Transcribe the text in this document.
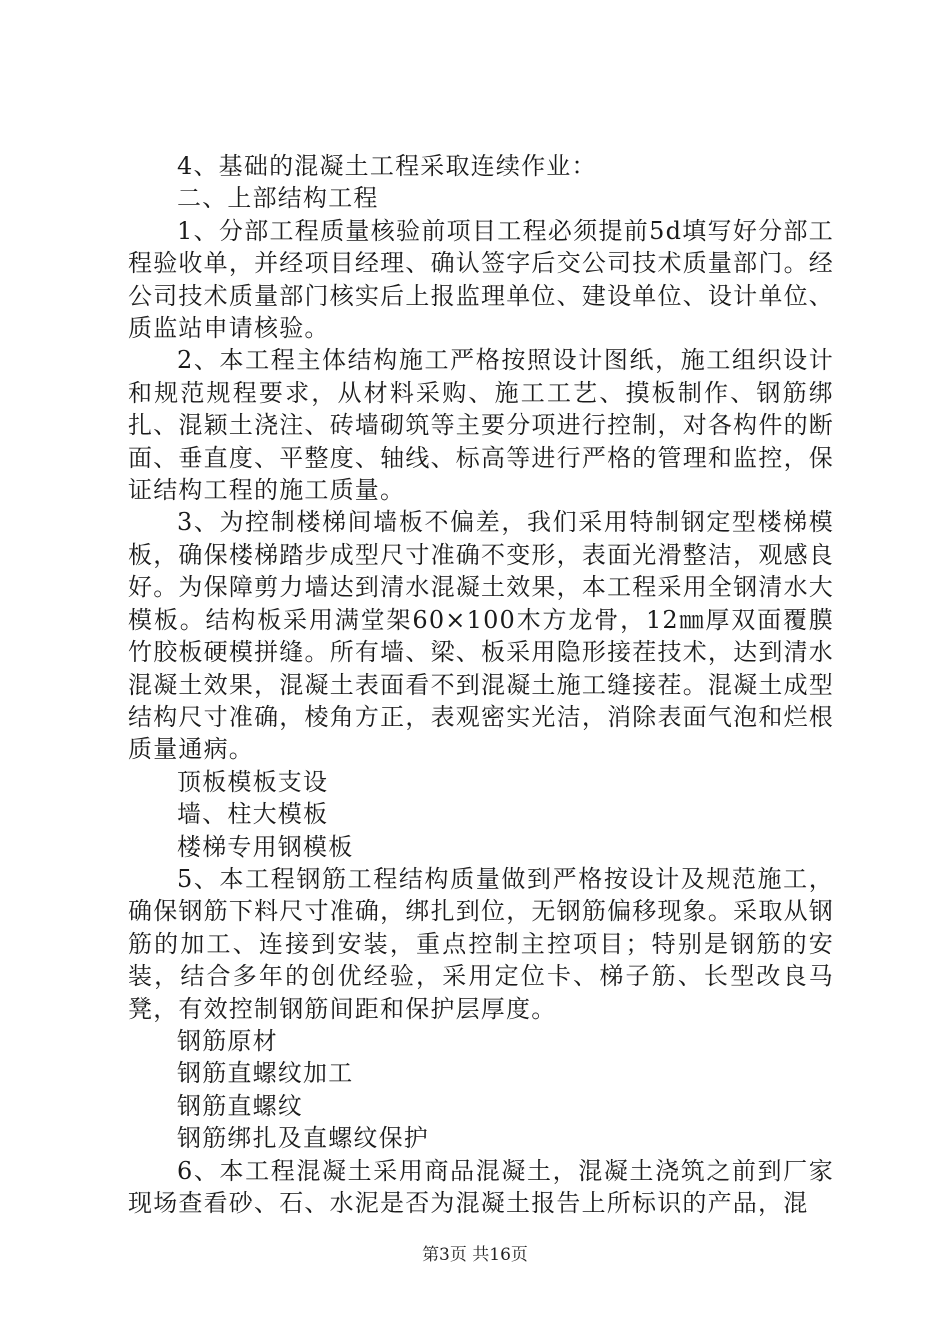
4、基础的混凝土工程采取连续作业：

二、上部结构工程

1、分部工程质量核验前项目工程必须提前5d填写好分部工程验收单，并经项目经理、确认签字后交公司技术质量部门。经公司技术质量部门核实后上报监理单位、建设单位、设计单位、质监站申请核验。

2、本工程主体结构施工严格按照设计图纸，施工组织设计和规范规程要求，从材料采购、施工工艺、摸板制作、钢筋绑扎、混颖土浇注、砖墙砌筑等主要分项进行控制，对各构件的断面、垂直度、平整度、轴线、标高等进行严格的管理和监控，保证结构工程的施工质量。

3、为控制楼梯间墙板不偏差，我们采用特制钢定型楼梯模板，确保楼梯踏步成型尺寸准确不变形，表面光滑整洁，观感良好。为保障剪力墙达到清水混凝土效果，本工程采用全钢清水大模板。结构板采用满堂架60×100木方龙骨，12㎜厚双面覆膜竹胶板硬模拼缝。所有墙、梁、板采用隐形接茬技术，达到清水混凝土效果，混凝土表面看不到混凝土施工缝接茬。混凝土成型结构尺寸准确，棱角方正，表观密实光洁，消除表面气泡和烂根质量通病。

顶板模板支设

墙、柱大模板

楼梯专用钢模板

5、本工程钢筋工程结构质量做到严格按设计及规范施工，确保钢筋下料尺寸准确，绑扎到位，无钢筋偏移现象。采取从钢筋的加工、连接到安装，重点控制主控项目；特别是钢筋的安装，结合多年的创优经验，采用定位卡、梯子筋、长型改良马凳，有效控制钢筋间距和保护层厚度。

钢筋原材

钢筋直螺纹加工

钢筋直螺纹

钢筋绑扎及直螺纹保护

6、本工程混凝土采用商品混凝土，混凝土浇筑之前到厂家现场查看砂、石、水泥是否为混凝土报告上所标识的产品，混

第3页 共16页
